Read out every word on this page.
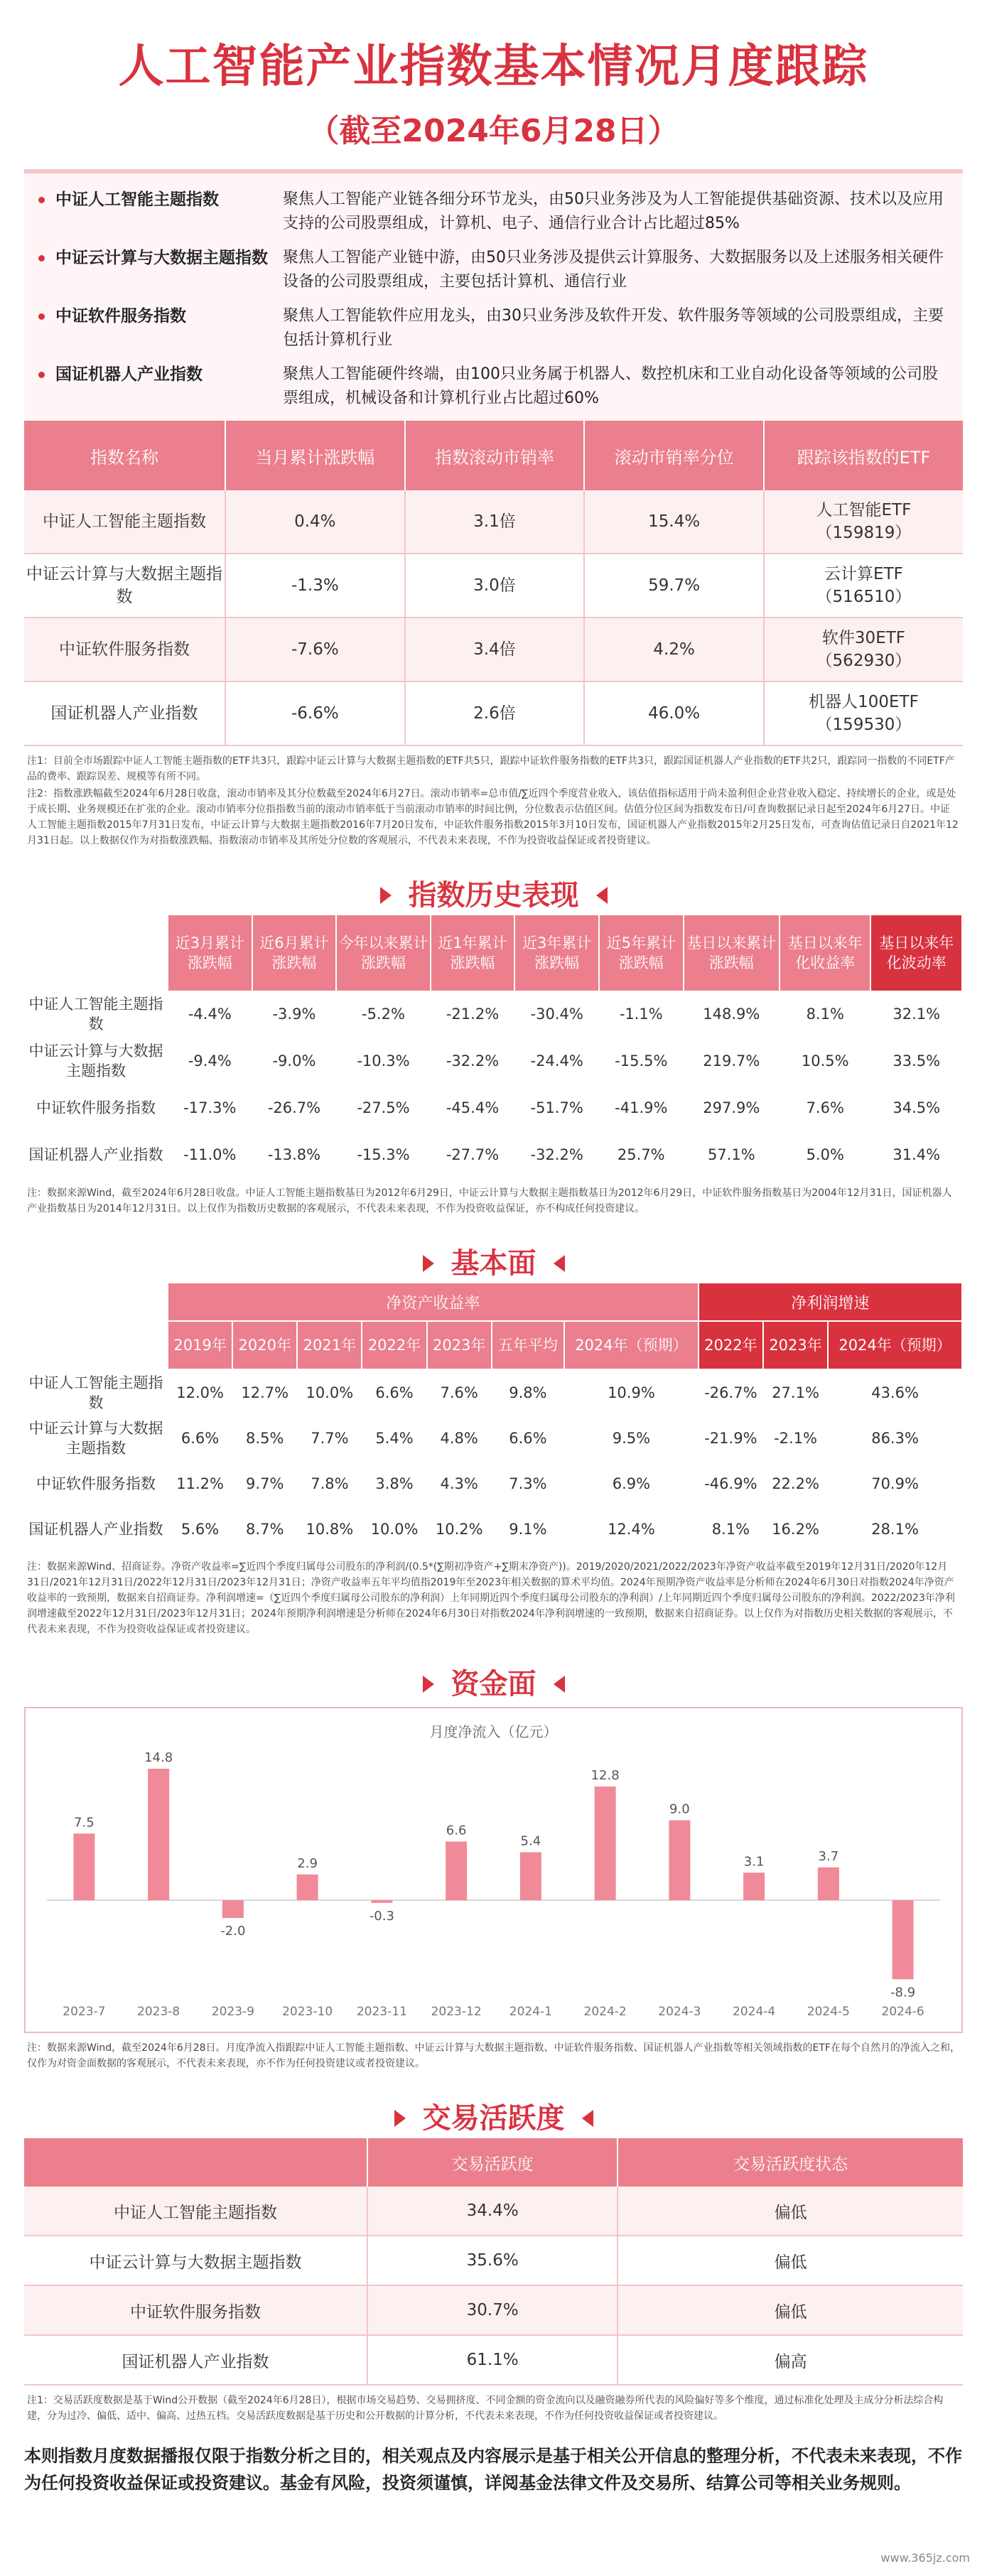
人工智能产业指数基本情况月度跟踪
（截至2024年6月28日）
中证人工智能主题指数	聚焦人工智能产业链各细分环节龙头，由50只业务涉及为人工智能提供基础资源、技术以及应用支持的公司股票组成，计算机、电子、通信行业合计占比超过85%
中证云计算与大数据主题指数 聚焦人工智能产业链中游，由50只业务涉及提供云计算服务、大数据服务以及上述服务相关硬件设备的公司股票组成，主要包括计算机、通信行业
中证软件服务指数	聚焦人工智能软件应用龙头，由30只业务涉及软件开发、软件服务等领域的公司股票组成，主要包括计算机行业
国证机器人产业指数	聚焦人工智能硬件终端，由100只业务属于机器人、数控机床和工业自动化设备等领域的公司股票组成，机械设备和计算机行业占比超过60%
指数名称	当月累计涨跌幅	指数滚动市销率	滚动市销率分位	跟踪该指数的ETF
中证人工智能主题指数	0.4%	3.1倍	15.4%	人工智能ETF
（159819）

中证云计算与大数据主题指数	-1.3%	3.0倍	59.7%	云计算ETF
（516510）

中证软件服务指数	-7.6%	3.4倍	4.2%	软件30ETF
（562930）

国证机器人产业指数	-6.6%	2.6倍	46.0%	机器人100ETF
（159530）
注1：目前全市场跟踪中证人工智能主题指数的ETF共3只，跟踪中证云计算与大数据主题指数的ETF共5只，跟踪中证软件服务指数的ETF共3只，跟踪国证机器人产业指数的ETF共2只，跟踪同一指数的不同ETF产品的费率、跟踪误差、规模等有所不同。
注2：指数涨跌幅截至2024年6月28日收盘，滚动市销率及其分位数截至2024年6月27日。滚动市销率=总市值/∑近四个季度营业收入，该估值指标适用于尚未盈利但企业营业收入稳定、持续增长的企业，或是处于成长期、业务规模还在扩张的企业。滚动市销率分位指指数当前的滚动市销率低于当前滚动市销率的时间比例，分位数表示估值区间。估值分位区间为指数发布日/可查询数据记录日起至2024年6月27日。中证人工智能主题指数2015年7月31日发布，中证云计算与大数据主题指数2016年7月20日发布，中证软件服务指数2015年3月10日发布，国证机器人产业指数2015年2月25日发布，可查询估值记录日自2021年12月31日起。以上数据仅作为对指数涨跌幅、指数滚动市销率及其所处分位数的客观展示，不代表未来表现，不作为投资收益保证或者投资建议。
指数历史表现
	近3月累计涨跌幅	近6月累计涨跌幅	今年以来累计涨跌幅	近1年累计涨跌幅	近3年累计涨跌幅	近5年累计涨跌幅	基日以来累计涨跌幅	基日以来年化收益率	基日以来年化波动率
中证人工智能主题指数	-4.4%	-3.9%	-5.2%	-21.2%	-30.4%	-1.1%	148.9%	8.1%	32.1%
中证云计算与大数据主题指数	-9.4%	-9.0%	-10.3%	-32.2%	-24.4%	-15.5%	219.7%	10.5%	33.5%
中证软件服务指数	-17.3%	-26.7%	-27.5%	-45.4%	-51.7%	-41.9%	297.9%	7.6%	34.5%
国证机器人产业指数	-11.0%	-13.8%	-15.3%	-27.7%	-32.2%	25.7%	57.1%	5.0%	31.4%
注：数据来源Wind，截至2024年6月28日收盘。中证人工智能主题指数基日为2012年6月29日，中证云计算与大数据主题指数基日为2012年6月29日，中证软件服务指数基日为2004年12月31日，国证机器人产业指数基日为2014年12月31日。以上仅作为指数历史数据的客观展示，不代表未来表现，不作为投资收益保证，亦不构成任何投资建议。
基本面
	净资产收益率							净利润增速		
	2019年	2020年	2021年	2022年	2023年	五年平均	2024年（预期）	2022年	2023年	2024年（预期）
中证人工智能主题指数	12.0%	12.7%	10.0%	6.6%	7.6%	9.8%	10.9%	-26.7%	27.1%	43.6%
中证云计算与大数据主题指数	6.6%	8.5%	7.7%	5.4%	4.8%	6.6%	9.5%	-21.9%	-2.1%	86.3%
中证软件服务指数	11.2%	9.7%	7.8%	3.8%	4.3%	7.3%	6.9%	-46.9%	22.2%	70.9%
国证机器人产业指数	5.6%	8.7%	10.8%	10.0%	10.2%	9.1%	12.4%	8.1%	16.2%	28.1%
注：数据来源Wind、招商证券。净资产收益率=∑近四个季度归属母公司股东的净利润/(0.5*(∑期初净资产+∑期末净资产))。2019/2020/2021/2022/2023年净资产收益率截至2019年12月31日/2020年12月31日/2021年12月31日/2022年12月31日/2023年12月31日；净资产收益率五年平均值指2019年至2023年相关数据的算术平均值。2024年预期净资产收益率是分析师在2024年6月30日对指数2024年净资产收益率的一致预期，数据来自招商证券。净利润增速=（∑近四个季度归属母公司股东的净利润）上年同期近四个季度归属母公司股东的净利润）/上年同期近四个季度归属母公司股东的净利润。2022/2023年净利润增速截至2022年12月31日/2023年12月31日；2024年预期净利润增速是分析师在2024年6月30日对指数2024年净利润增速的一致预期，数据来自招商证券。以上仅作为对指数历史相关数据的客观展示，不代表未来表现，不作为投资收益保证或者投资建议。
资金面
月度净流入（亿元）
7.5
2023-7
14.8
2023-8
-2.0
2023-9
2.9
2023-10
-0.3
2023-11
6.6
2023-12
5.4
2024-1
12.8
2024-2
9.0
2024-3
3.1
2024-4
3.7
2024-5
-8.9
2024-6
注：数据来源Wind，截至2024年6月28日。月度净流入指跟踪中证人工智能主题指数、中证云计算与大数据主题指数、中证软件服务指数、国证机器人产业指数等相关领域指数的ETF在每个自然月的净流入之和，仅作为对资金面数据的客观展示，不代表未来表现，亦不作为任何投资建议或者投资建议。
交易活跃度
	交易活跃度	交易活跃度状态
中证人工智能主题指数	34.4%	偏低
中证云计算与大数据主题指数	35.6%	偏低
中证软件服务指数	30.7%	偏低
国证机器人产业指数	61.1%	偏高
注1：交易活跃度数据是基于Wind公开数据（截至2024年6月28日），根据市场交易趋势、交易拥挤度、不同金额的资金流向以及融资融券所代表的风险偏好等多个维度，通过标准化处理及主成分分析法综合构建，分为过冷、偏低、适中、偏高、过热五档。交易活跃度数据是基于历史和公开数据的计算分析，不代表未来表现，不作为任何投资收益保证或者投资建议。
本则指数月度数据播报仅限于指数分析之目的，相关观点及内容展示是基于相关公开信息的整理分析，不代表未来表现，不作为任何投资收益保证或投资建议。基金有风险，投资须谨慎，详阅基金法律文件及交易所、结算公司等相关业务规则。
www.365jz.com
